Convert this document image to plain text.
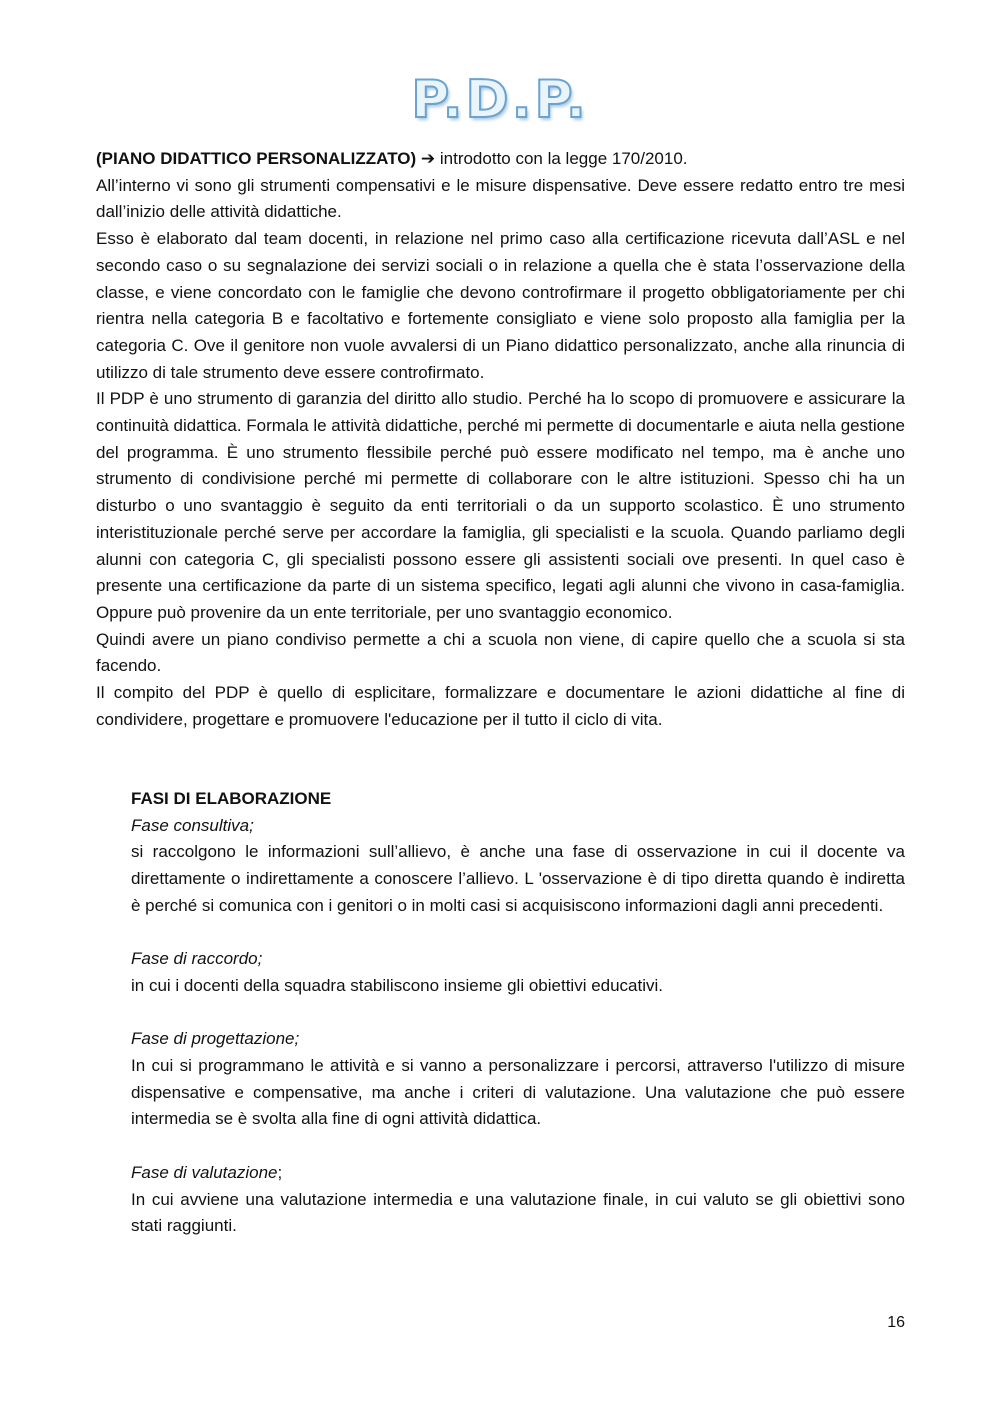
P.D.P.

(PIANO DIDATTICO PERSONALIZZATO) ➔ introdotto con la legge 170/2010.

All’interno vi sono gli strumenti compensativi e le misure dispensative. Deve essere redatto entro tre mesi dall’inizio delle attività didattiche.

Esso è elaborato dal team docenti, in relazione nel primo caso alla certificazione ricevuta dall’ASL e nel secondo caso o su segnalazione dei servizi sociali o in relazione a quella che è stata l’osservazione della classe, e viene concordato con le famiglie che devono controfirmare il progetto obbligatoriamente per chi rientra nella categoria B e facoltativo e fortemente consigliato e viene solo proposto alla famiglia per la categoria C. Ove il genitore non vuole avvalersi di un Piano didattico personalizzato, anche alla rinuncia di utilizzo di tale strumento deve essere controfirmato.

Il PDP è uno strumento di garanzia del diritto allo studio. Perché ha lo scopo di promuovere e assicurare la continuità didattica. Formala le attività didattiche, perché mi permette di documentarle e aiuta nella gestione del programma. È uno strumento flessibile perché può essere modificato nel tempo, ma è anche uno strumento di condivisione perché mi permette di collaborare con le altre istituzioni. Spesso chi ha un disturbo o uno svantaggio è seguito da enti territoriali o da un supporto scolastico. È uno strumento interistituzionale perché serve per accordare la famiglia, gli specialisti e la scuola. Quando parliamo degli alunni con categoria C, gli specialisti possono essere gli assistenti sociali ove presenti. In quel caso è presente una certificazione da parte di un sistema specifico, legati agli alunni che vivono in casa-famiglia. Oppure può provenire da un ente territoriale, per uno svantaggio economico.

Quindi avere un piano condiviso permette a chi a scuola non viene, di capire quello che a scuola si sta facendo.

Il compito del PDP è quello di esplicitare, formalizzare e documentare le azioni didattiche al fine di condividere, progettare e promuovere l'educazione per il tutto il ciclo di vita.

FASI DI ELABORAZIONE

Fase consultiva;

si raccolgono le informazioni sull’allievo, è anche una fase di osservazione in cui il docente va direttamente o indirettamente a conoscere l’allievo. L 'osservazione è di tipo diretta quando è indiretta è perché si comunica con i genitori o in molti casi si acquisiscono informazioni dagli anni precedenti.

Fase di raccordo;

in cui i docenti della squadra stabiliscono insieme gli obiettivi educativi.

Fase di progettazione;

In cui si programmano le attività e si vanno a personalizzare i percorsi, attraverso l'utilizzo di misure dispensative e compensative, ma anche i criteri di valutazione. Una valutazione che può essere intermedia se è svolta alla fine di ogni attività didattica.

Fase di valutazione;

In cui avviene una valutazione intermedia e una valutazione finale, in cui valuto se gli obiettivi sono stati raggiunti.

16
